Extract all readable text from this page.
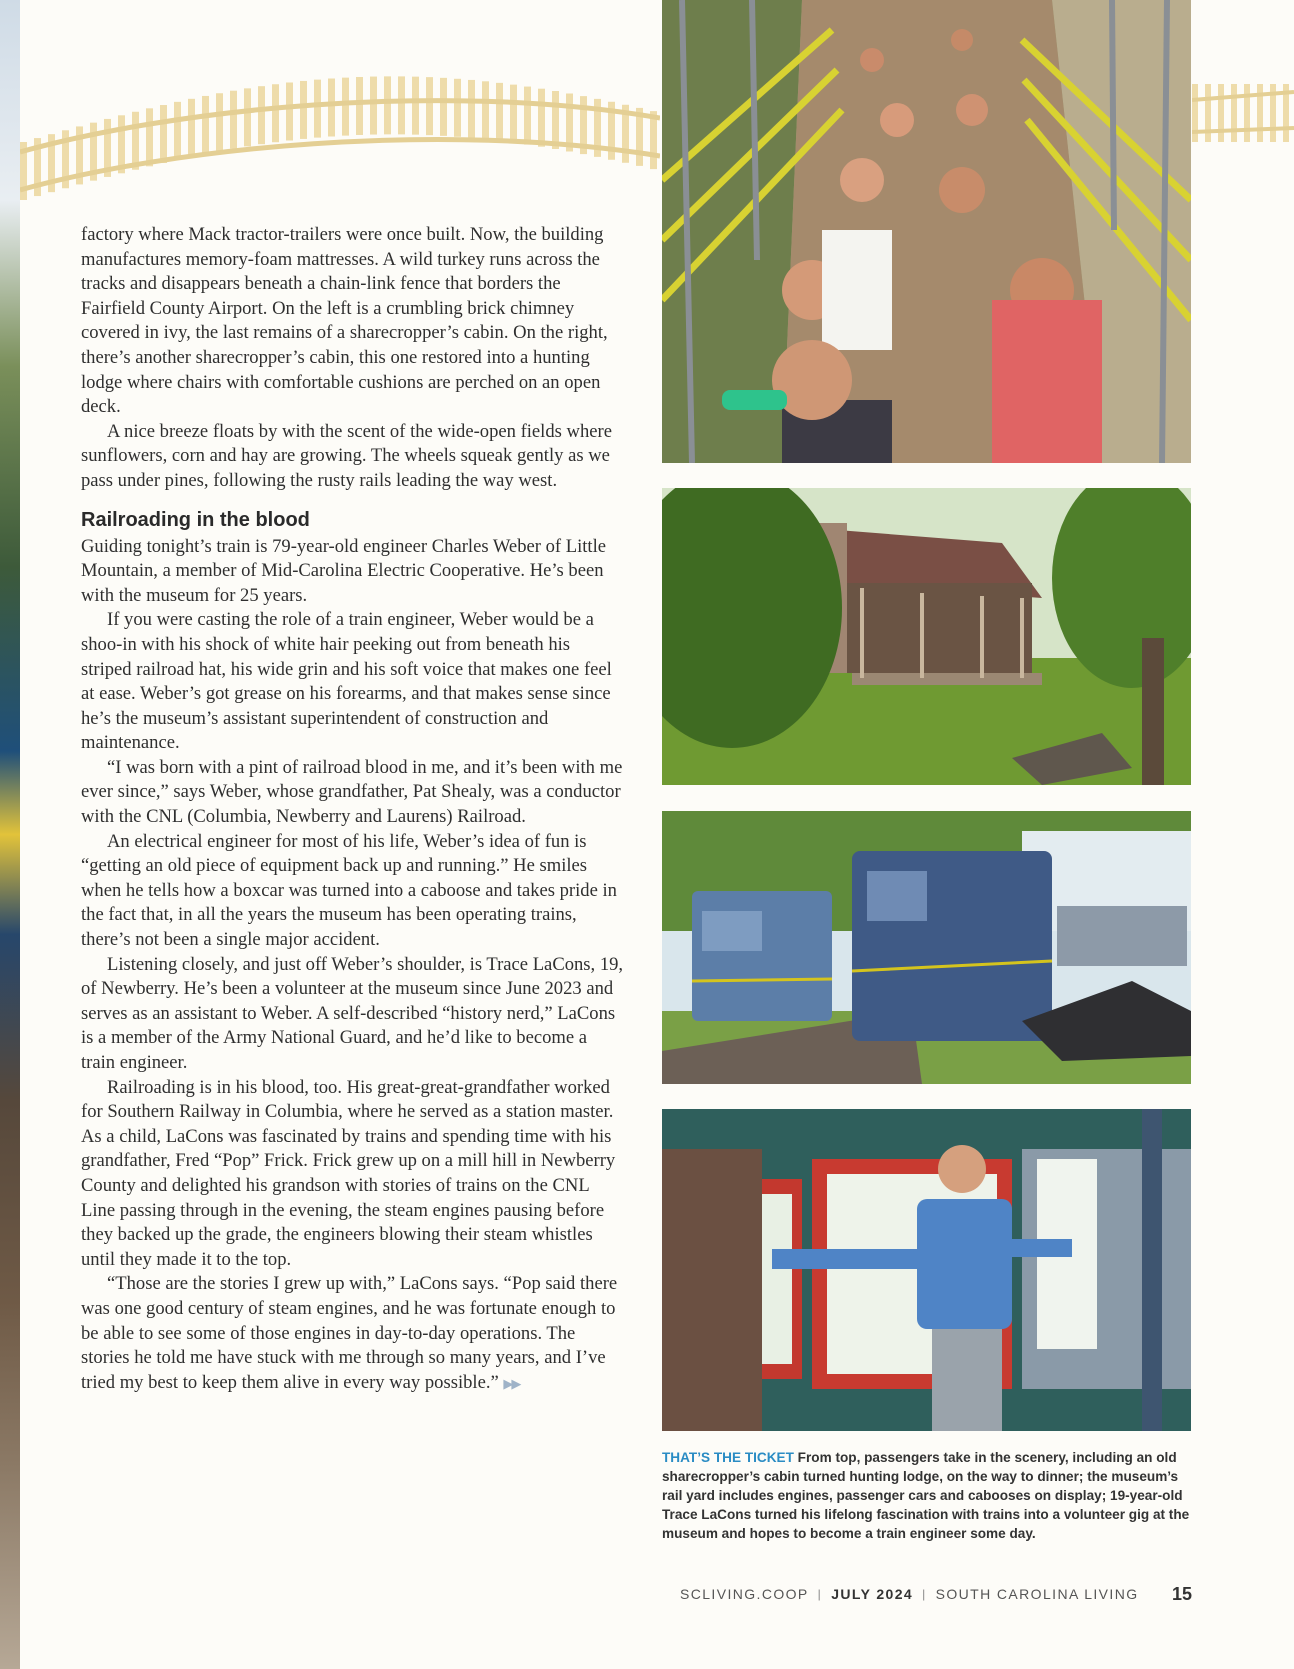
factory where Mack tractor-trailers were once built. Now, the building manufactures memory-foam mattresses. A wild turkey runs across the tracks and disappears beneath a chain-link fence that borders the Fairfield County Airport. On the left is a crumbling brick chimney covered in ivy, the last remains of a sharecropper’s cabin. On the right, there’s another sharecropper’s cabin, this one restored into a hunting lodge where chairs with comfortable cushions are perched on an open deck.

A nice breeze floats by with the scent of the wide-open fields where sunflowers, corn and hay are growing. The wheels squeak gently as we pass under pines, following the rusty rails leading the way west.

Railroading in the blood

Guiding tonight’s train is 79-year-old engineer Charles Weber of Little Mountain, a member of Mid-Carolina Electric Cooperative. He’s been with the museum for 25 years.

If you were casting the role of a train engineer, Weber would be a shoo-in with his shock of white hair peeking out from beneath his striped railroad hat, his wide grin and his soft voice that makes one feel at ease. Weber’s got grease on his forearms, and that makes sense since he’s the museum’s assistant superintendent of construction and maintenance.

“I was born with a pint of railroad blood in me, and it’s been with me ever since,” says Weber, whose grandfather, Pat Shealy, was a conductor with the CNL (Columbia, Newberry and Laurens) Railroad.

An electrical engineer for most of his life, Weber’s idea of fun is “getting an old piece of equipment back up and running.” He smiles when he tells how a boxcar was turned into a caboose and takes pride in the fact that, in all the years the museum has been operating trains, there’s not been a single major accident.

Listening closely, and just off Weber’s shoulder, is Trace LaCons, 19, of Newberry. He’s been a volunteer at the museum since June 2023 and serves as an assistant to Weber. A self-described “history nerd,” LaCons is a member of the Army National Guard, and he’d like to become a train engineer.

Railroading is in his blood, too. His great-great-grandfather worked for Southern Railway in Columbia, where he served as a station master. As a child, LaCons was fascinated by trains and spending time with his grandfather, Fred “Pop” Frick. Frick grew up on a mill hill in Newberry County and delighted his grandson with stories of trains on the CNL Line passing through in the evening, the steam engines pausing before they backed up the grade, the engineers blowing their steam whistles until they made it to the top.

“Those are the stories I grew up with,” LaCons says. “Pop said there was one good century of steam engines, and he was fortunate enough to be able to see some of those engines in day-to-day operations. The stories he told me have stuck with me through so many years, and I’ve tried my best to keep them alive in every way possible.” ▶▶

THAT’S THE TICKET From top, passengers take in the scenery, including an old sharecropper’s cabin turned hunting lodge, on the way to dinner; the museum’s rail yard includes engines, passenger cars and cabooses on display; 19-year-old Trace LaCons turned his lifelong fascination with trains into a volunteer gig at the museum and hopes to become a train engineer some day.
SCLIVING.COOP | JULY 2024 | SOUTH CAROLINA LIVING 15
